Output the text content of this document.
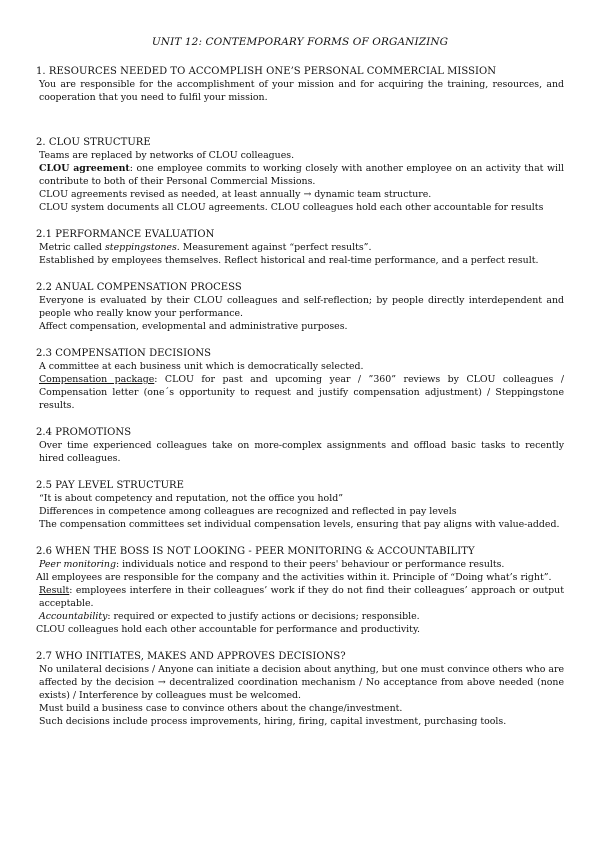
UNIT 12: CONTEMPORARY FORMS OF ORGANIZING
1. RESOURCES NEEDED TO ACCOMPLISH ONE’S PERSONAL COMMERCIAL MISSION

You are responsible for the accomplishment of your mission and for acquiring the training, resources, and cooperation that you need to fulfil your mission.

2. CLOU STRUCTURE

Teams are replaced by networks of CLOU colleagues.

CLOU agreement: one employee commits to working closely with another employee on an activity that will contribute to both of their Personal Commercial Missions.

CLOU agreements revised as needed, at least annually → dynamic team structure.

CLOU system documents all CLOU agreements. CLOU colleagues hold each other accountable for results

2.1 PERFORMANCE EVALUATION

Metric called steppingstones. Measurement against “perfect results”.

Established by employees themselves. Reflect historical and real-time performance, and a perfect result.

2.2 ANUAL COMPENSATION PROCESS

Everyone is evaluated by their CLOU colleagues and self-reflection; by people directly interdependent and people who really know your performance.

Affect compensation, evelopmental and administrative purposes.

2.3 COMPENSATION DECISIONS

A committee at each business unit which is democratically selected.

Compensation package: CLOU for past and upcoming year / ”360” reviews by CLOU colleagues / Compensation letter (one´s opportunity to request and justify compensation adjustment) / Steppingstone results.

2.4 PROMOTIONS

Over time experienced colleagues take on more-complex assignments and offload basic tasks to recently hired colleagues.

2.5 PAY LEVEL STRUCTURE

“It is about competency and reputation, not the office you hold”

Differences in competence among colleagues are recognized and reflected in pay levels

The compensation committees set individual compensation levels, ensuring that pay aligns with value-added.

2.6 WHEN THE BOSS IS NOT LOOKING - PEER MONITORING & ACCOUNTABILITY

Peer monitoring: individuals notice and respond to their peers' behaviour or performance results.

All employees are responsible for the company and the activities within it. Principle of “Doing what’s right”.

Result: employees interfere in their colleagues’ work if they do not find their colleagues’ approach or output acceptable.

Accountability: required or expected to justify actions or decisions; responsible.

CLOU colleagues hold each other accountable for performance and productivity.

2.7 WHO INITIATES, MAKES AND APPROVES DECISIONS?

No unilateral decisions / Anyone can initiate a decision about anything, but one must convince others who are affected by the decision → decentralized coordination mechanism / No acceptance from above needed (none exists) / Interference by colleagues must be welcomed.

Must build a business case to convince others about the change/investment.

Such decisions include process improvements, hiring, firing, capital investment, purchasing tools.
